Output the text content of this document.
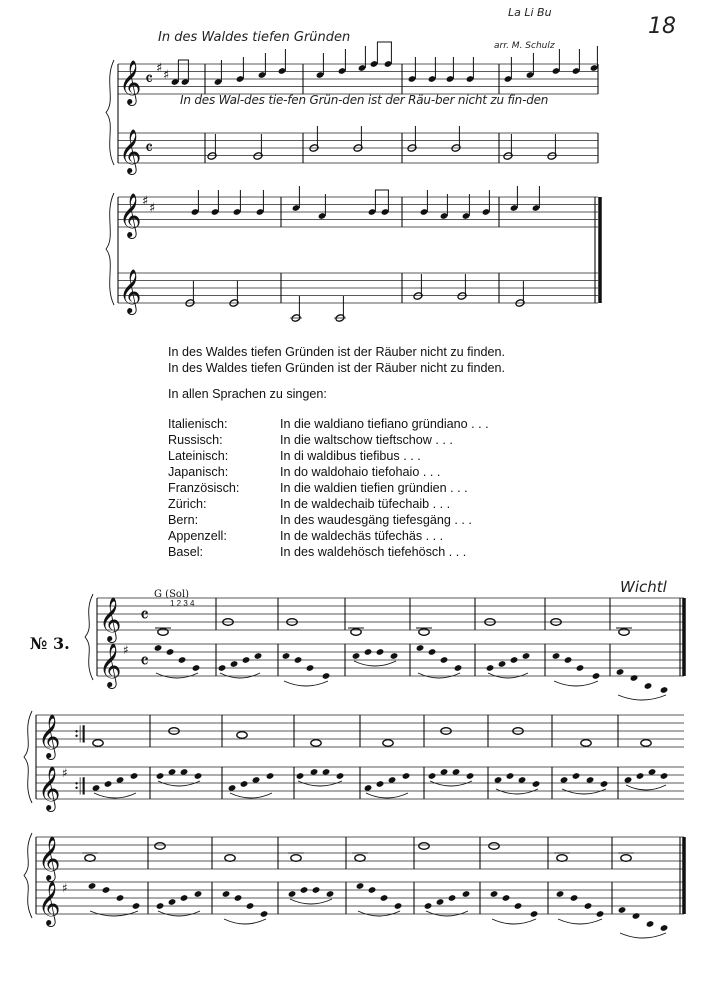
18
In des Waldes tiefen Gründen
La Li Bu
arr. M. Schulz
In des Wal-des tie-fen Grün-den ist der Räu-ber nicht zu fin-den
In des Waldes tiefen Gründen ist der Räuber nicht zu finden.
In des Waldes tiefen Gründen ist der Räuber nicht zu finden.
In allen Sprachen zu singen:
Italienisch:	In die waldiano tiefiano gründiano . . .
Russisch:	In die waltschow tieftschow . . .
Lateinisch:	In di waldibus tiefibus . . .
Japanisch:	In do waldohaio tiefohaio . . .
Französisch:	In die waldien tiefien gründien . . .
Zürich:	In de waldechaib tüfechaib . . .
Bern:	In des waudesgäng tiefesgäng . . .
Appenzell:	In de waldechäs tüfechäs . . .
Basel:	In des waldehösch tiefehösch . . .
№ 3.
G (Sol)
1 2 3 4
Wichtl
𝄞
𝄞
𝄴
𝄴
♯ ♯
𝄞
𝄞
♯ ♯
𝄞
𝄞 ♯
𝄴
𝄴
𝄞
𝄞 ♯
𝄇
𝄇
𝄞
𝄞 ♯
